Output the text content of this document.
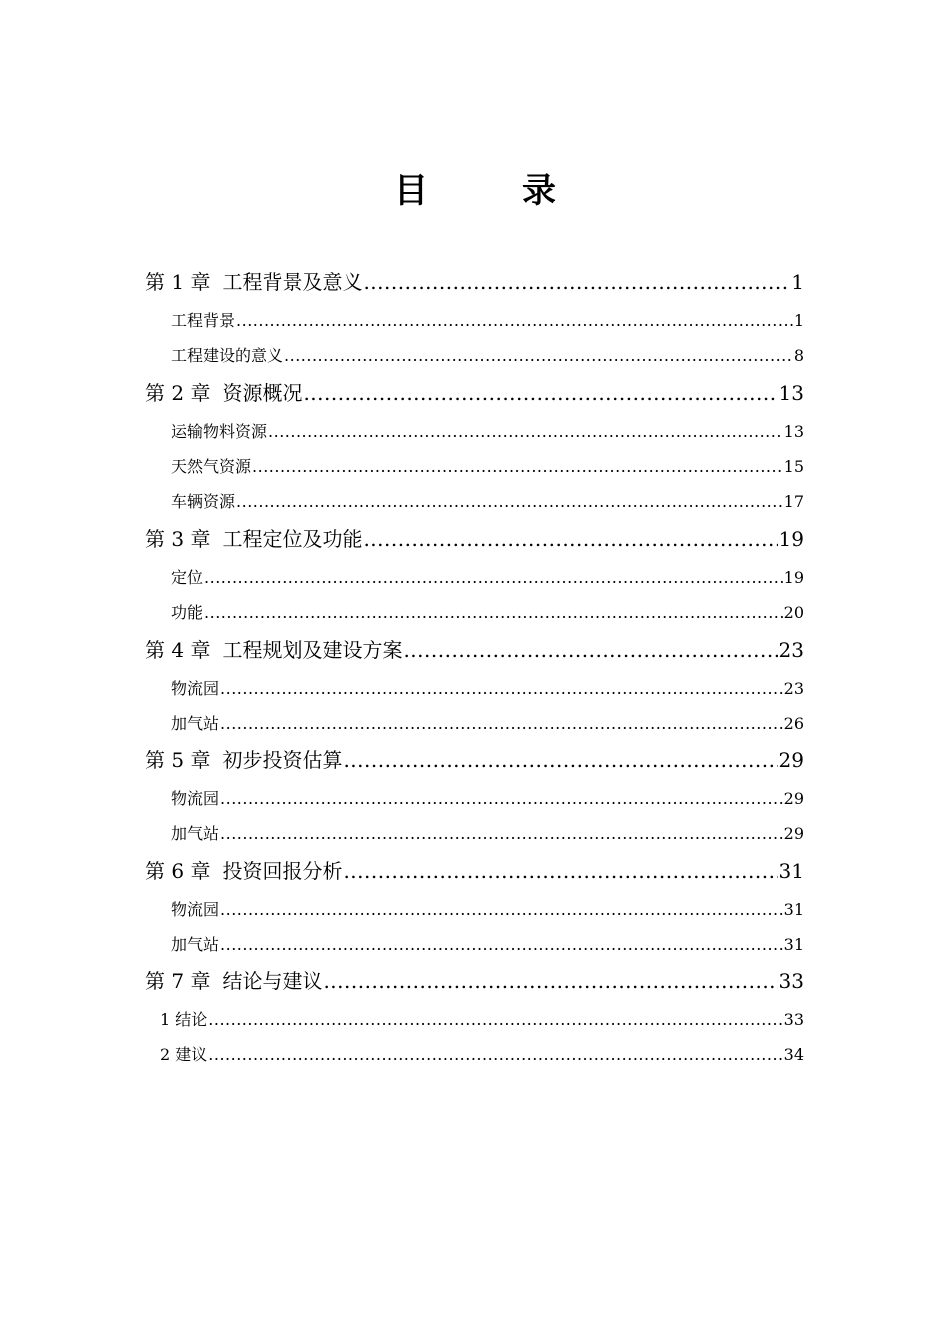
目　录
第 1 章 工程背景及意义 .....	1
工程背景 .....	1
工程建设的意义 .....	8
第 2 章 资源概况 .....	13
运输物料资源 .....	13
天然气资源 .....	15
车辆资源 .....	17
第 3 章 工程定位及功能 .....	19
定位 .....	19
功能 .....	20
第 4 章 工程规划及建设方案 .....	23
物流园 .....	23
加气站 .....	26
第 5 章 初步投资估算 .....	29
物流园 .....	29
加气站 .....	29
第 6 章 投资回报分析 .....	31
物流园 .....	31
加气站 .....	31
第 7 章 结论与建议 .....	33
1 结论 .....	33
2 建议 .....	34
